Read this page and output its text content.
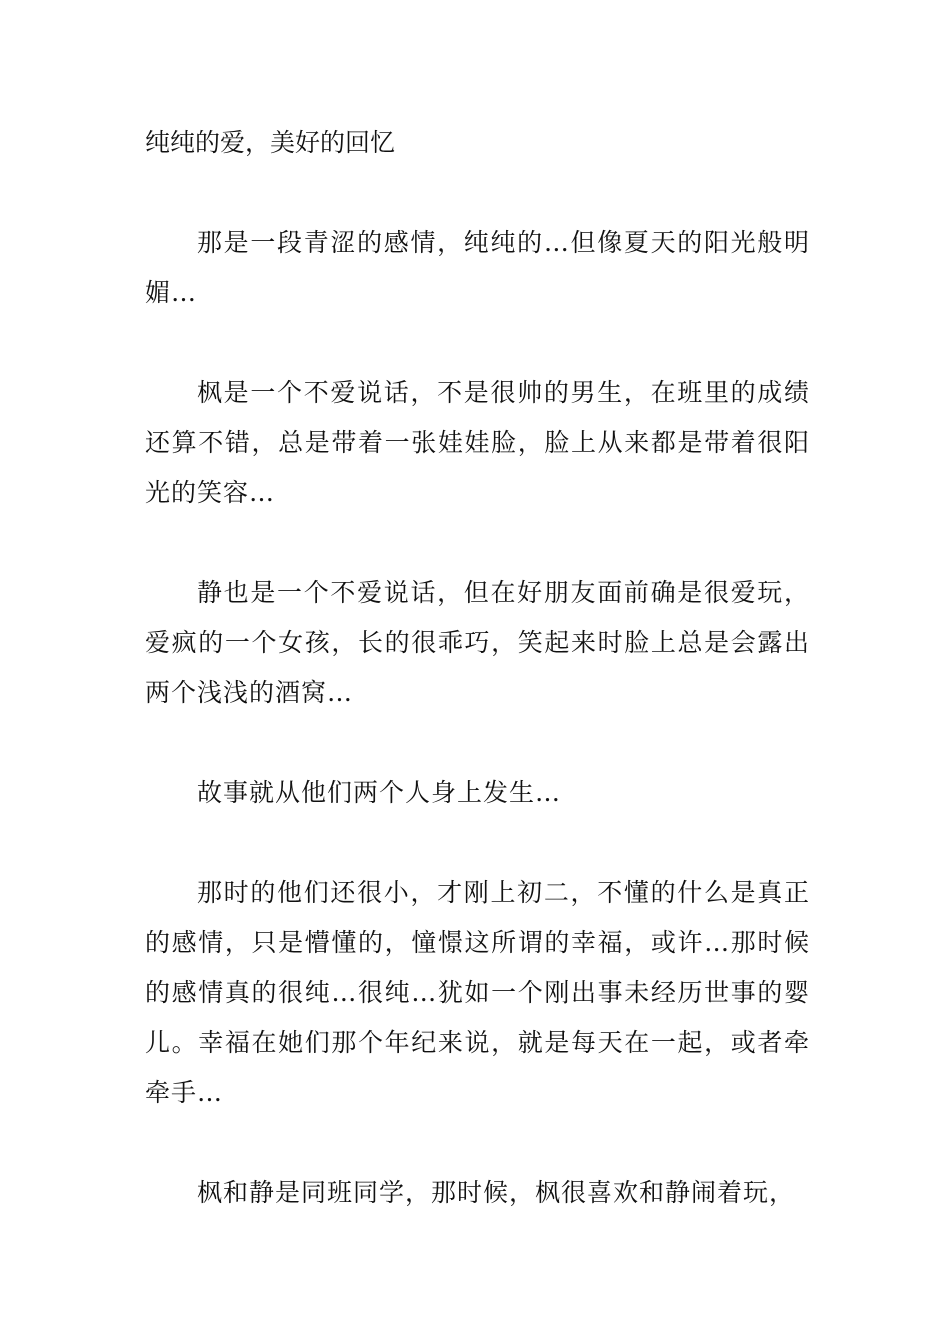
纯纯的爱，美好的回忆

那是一段青涩的感情，纯纯的…但像夏天的阳光般明媚…

枫是一个不爱说话，不是很帅的男生，在班里的成绩还算不错，总是带着一张娃娃脸，脸上从来都是带着很阳光的笑容…

静也是一个不爱说话，但在好朋友面前确是很爱玩，爱疯的一个女孩，长的很乖巧，笑起来时脸上总是会露出两个浅浅的酒窝…

故事就从他们两个人身上发生…

那时的他们还很小，才刚上初二，不懂的什么是真正的感情，只是懵懂的，憧憬这所谓的幸福，或许…那时候的感情真的很纯…很纯…犹如一个刚出事未经历世事的婴儿。幸福在她们那个年纪来说，就是每天在一起，或者牵牵手…

枫和静是同班同学，那时候，枫很喜欢和静闹着玩，
